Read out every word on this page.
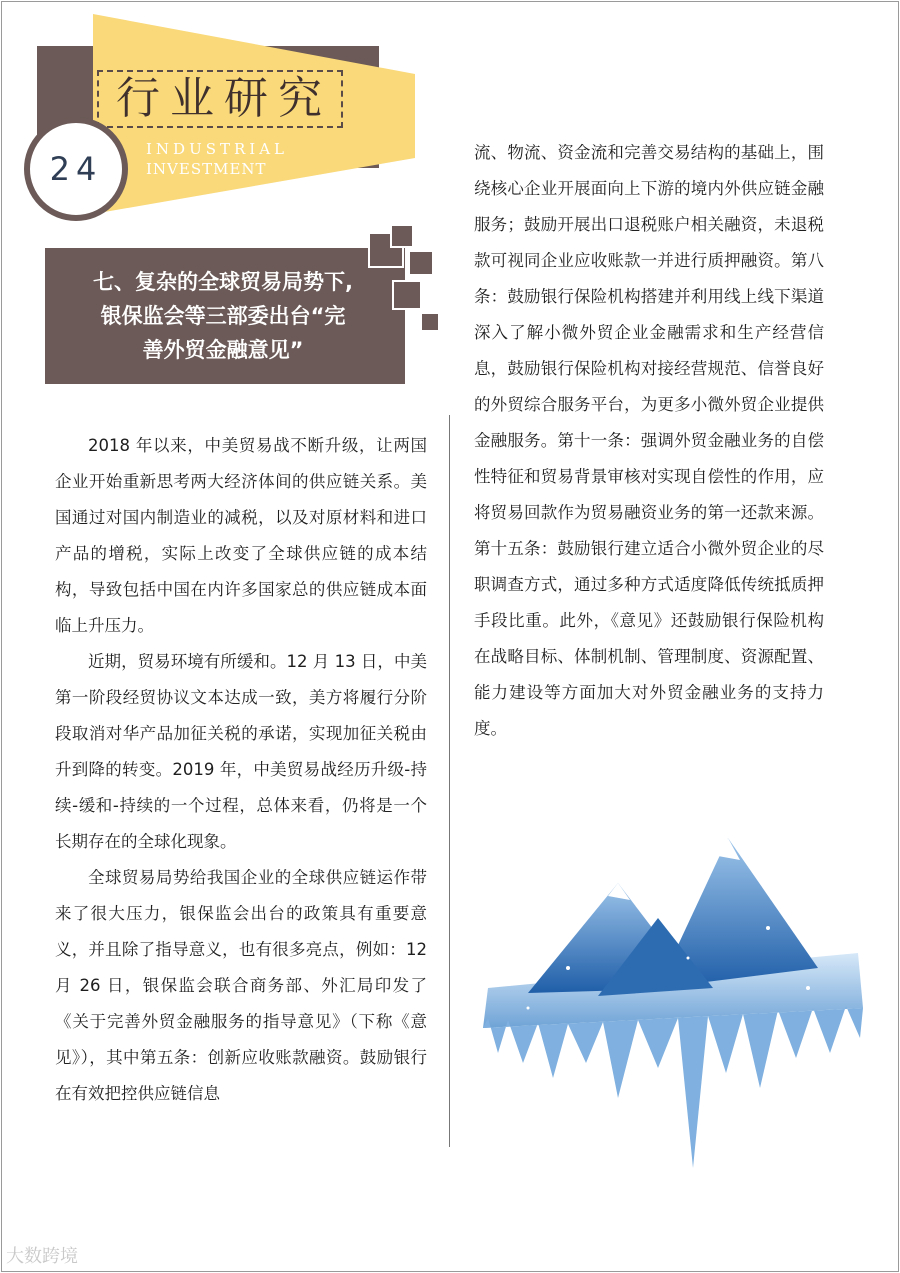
行业研究
INDUSTRIAL
INVESTMENT
24
七、复杂的全球贸易局势下,
银保监会等三部委出台“完
善外贸金融意见”

2018 年以来，中美贸易战不断升级，让两国企业开始重新思考两大经济体间的供应链关系。美国通过对国内制造业的减税，以及对原材料和进口产品的增税，实际上改变了全球供应链的成本结构，导致包括中国在内许多国家总的供应链成本面临上升压力。

近期，贸易环境有所缓和。12 月 13 日，中美第一阶段经贸协议文本达成一致，美方将履行分阶段取消对华产品加征关税的承诺，实现加征关税由升到降的转变。2019 年，中美贸易战经历升级-持续-缓和-持续的一个过程，总体来看，仍将是一个长期存在的全球化现象。

全球贸易局势给我国企业的全球供应链运作带来了很大压力，银保监会出台的政策具有重要意义，并且除了指导意义，也有很多亮点，例如：12 月 26 日，银保监会联合商务部、外汇局印发了《关于完善外贸金融服务的指导意见》（下称《意见》），其中第五条：创新应收账款融资。鼓励银行在有效把控供应链信息

流、物流、资金流和完善交易结构的基础上，围绕核心企业开展面向上下游的境内外供应链金融服务；鼓励开展出口退税账户相关融资，未退税款可视同企业应收账款一并进行质押融资。第八条：鼓励银行保险机构搭建并利用线上线下渠道深入了解小微外贸企业金融需求和生产经营信息，鼓励银行保险机构对接经营规范、信誉良好的外贸综合服务平台，为更多小微外贸企业提供金融服务。第十一条：强调外贸金融业务的自偿性特征和贸易背景审核对实现自偿性的作用，应将贸易回款作为贸易融资业务的第一还款来源。第十五条：鼓励银行建立适合小微外贸企业的尽职调查方式，通过多种方式适度降低传统抵质押手段比重。此外，《意见》还鼓励银行保险机构在战略目标、体制机制、管理制度、资源配置、能力建设等方面加大对外贸金融业务的支持力度。

大数跨境
